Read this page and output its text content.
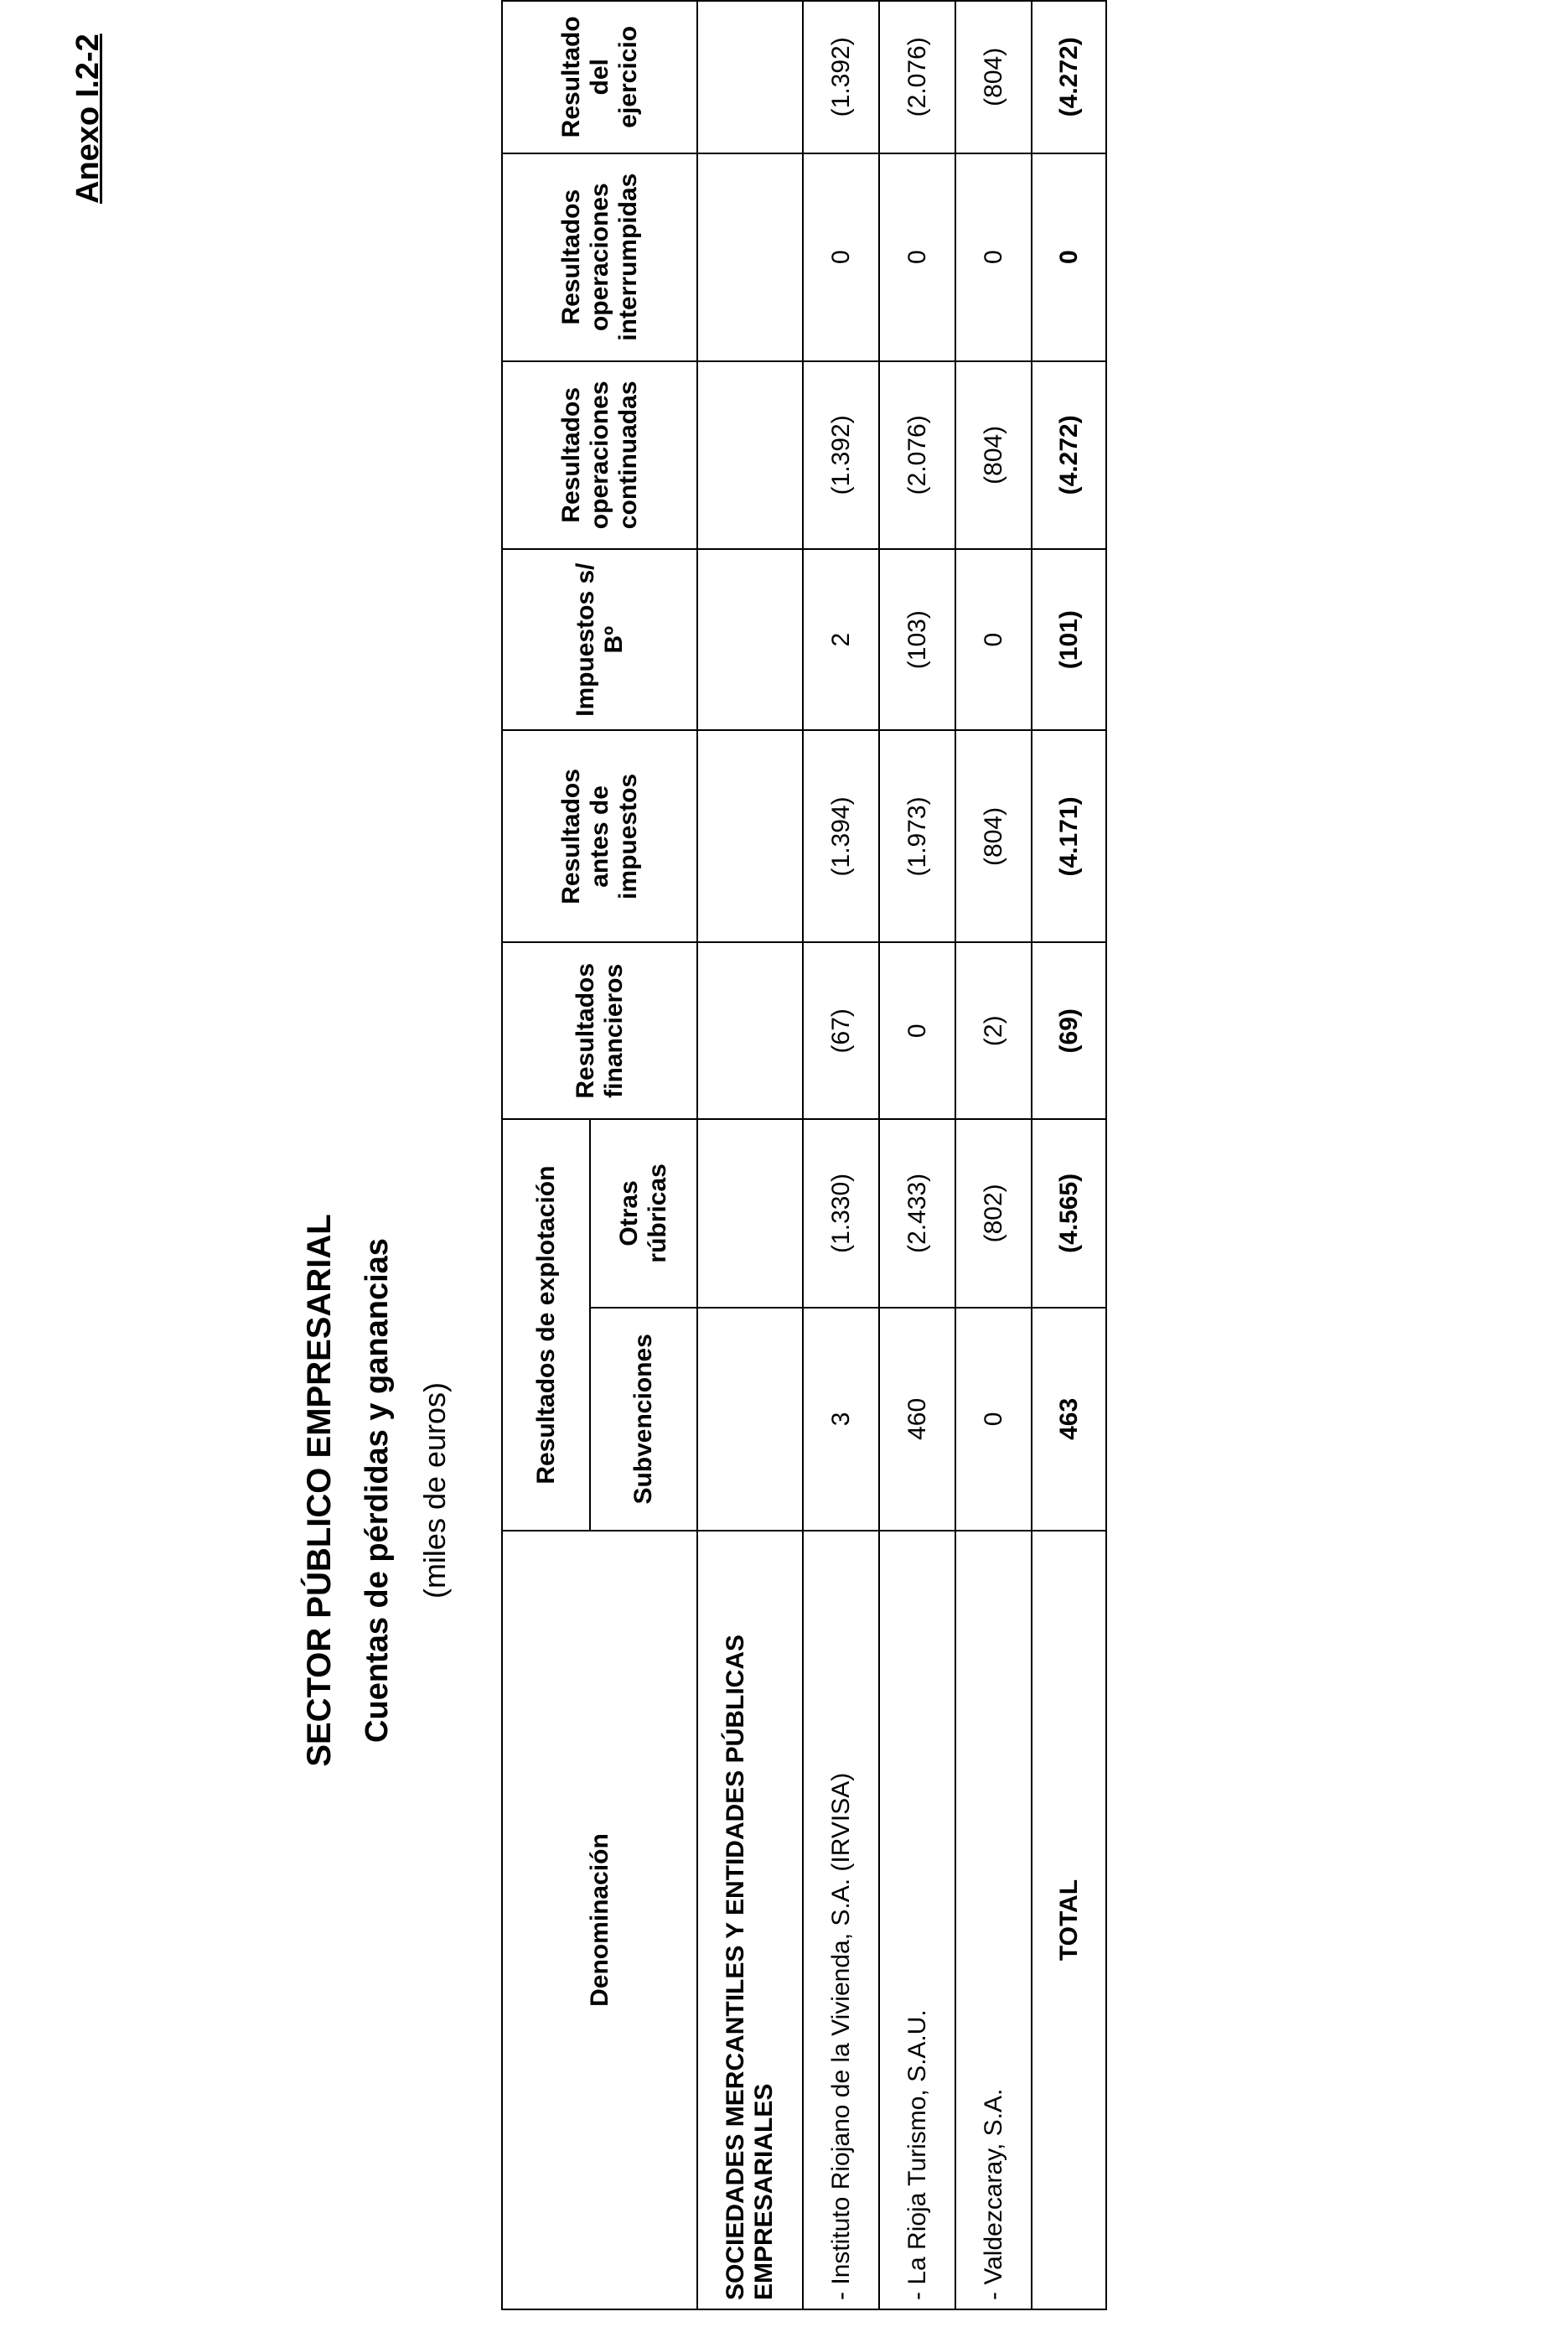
Anexo I.2-2
SECTOR PÚBLICO EMPRESARIAL Cuentas de pérdidas y ganancias (miles de euros)
Denominación	Resultados de explotación		Resultados financieros	Resultados antes de impuestos	Impuestos s/ Bº	Resultados operaciones continuadas	Resultados operaciones interrumpidas	Resultado del ejercicio
	Subvenciones	Otras rúbricas						
SOCIEDADES MERCANTILES Y ENTIDADES PÚBLICAS EMPRESARIALES								
- Instituto Riojano de la Vivienda, S.A. (IRVISA)	3	(1.330)	(67)	(1.394)	2	(1.392)	0	(1.392)
- La Rioja Turismo, S.A.U.	460	(2.433)	0	(1.973)	(103)	(2.076)	0	(2.076)
- Valdezcaray, S.A.	0	(802)	(2)	(804)	0	(804)	0	(804)
TOTAL	463	(4.565)	(69)	(4.171)	(101)	(4.272)	0	(4.272)
